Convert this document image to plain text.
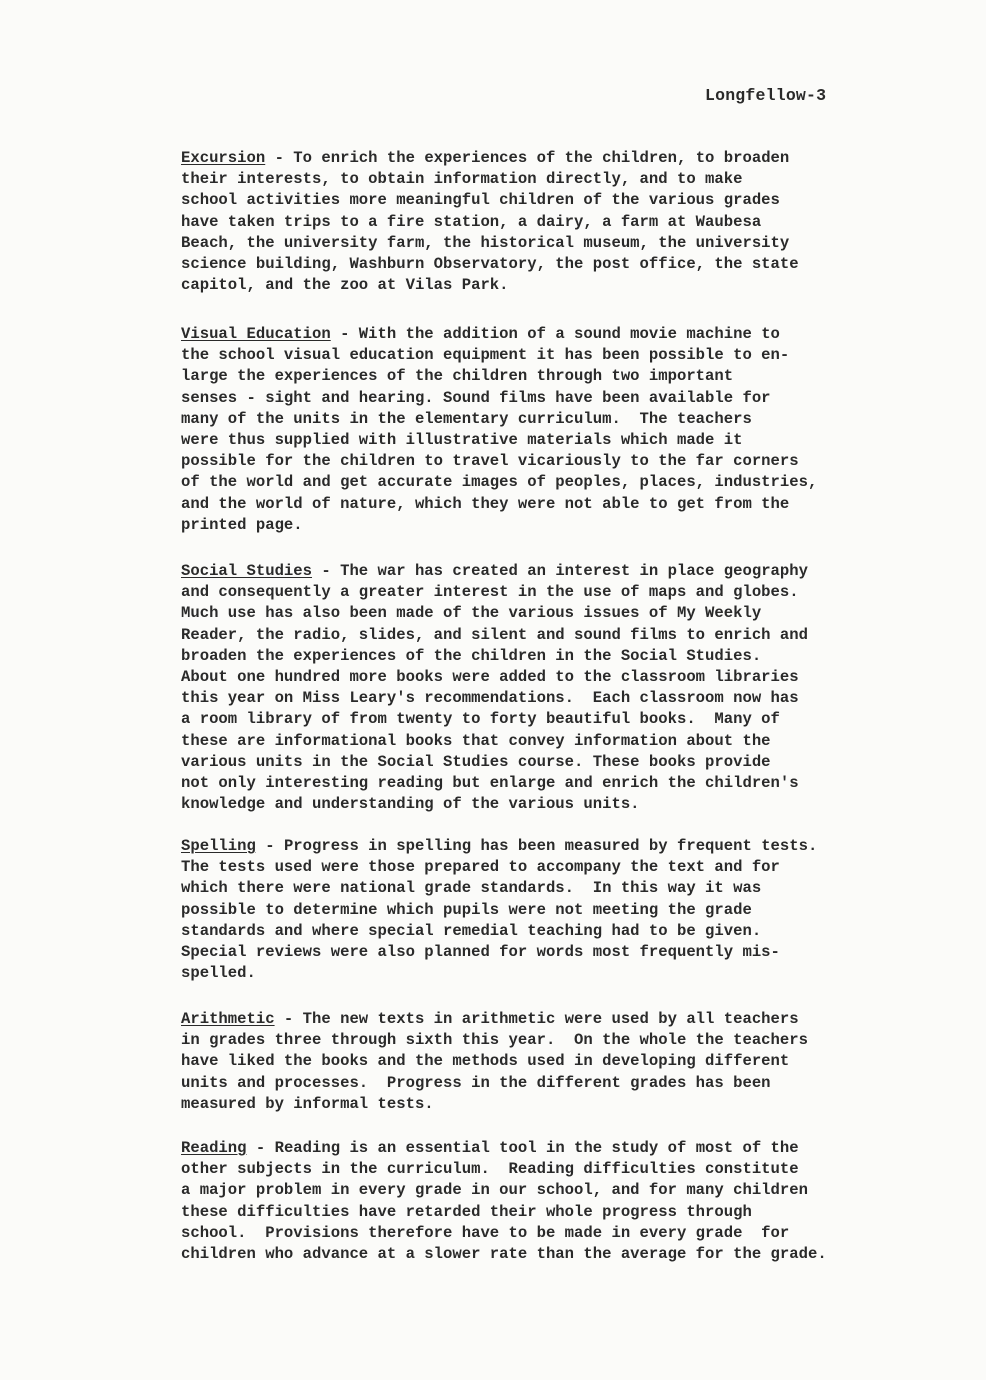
Longfellow-3
Excursion - To enrich the experiences of the children, to broaden
their interests, to obtain information directly, and to make
school activities more meaningful children of the various grades
have taken trips to a fire station, a dairy, a farm at Waubesa
Beach, the university farm, the historical museum, the university
science building, Washburn Observatory, the post office, the state
capitol, and the zoo at Vilas Park.
Visual Education - With the addition of a sound movie machine to
the school visual education equipment it has been possible to en-
large the experiences of the children through two important
senses - sight and hearing. Sound films have been available for
many of the units in the elementary curriculum.  The teachers
were thus supplied with illustrative materials which made it
possible for the children to travel vicariously to the far corners
of the world and get accurate images of peoples, places, industries,
and the world of nature, which they were not able to get from the
printed page.
Social Studies - The war has created an interest in place geography
and consequently a greater interest in the use of maps and globes.
Much use has also been made of the various issues of My Weekly
Reader, the radio, slides, and silent and sound films to enrich and
broaden the experiences of the children in the Social Studies.
About one hundred more books were added to the classroom libraries
this year on Miss Leary's recommendations.  Each classroom now has
a room library of from twenty to forty beautiful books.  Many of
these are informational books that convey information about the
various units in the Social Studies course. These books provide
not only interesting reading but enlarge and enrich the children's
knowledge and understanding of the various units.
Spelling - Progress in spelling has been measured by frequent tests.
The tests used were those prepared to accompany the text and for
which there were national grade standards.  In this way it was
possible to determine which pupils were not meeting the grade
standards and where special remedial teaching had to be given.
Special reviews were also planned for words most frequently mis-
spelled.
Arithmetic - The new texts in arithmetic were used by all teachers
in grades three through sixth this year.  On the whole the teachers
have liked the books and the methods used in developing different
units and processes.  Progress in the different grades has been
measured by informal tests.
Reading - Reading is an essential tool in the study of most of the
other subjects in the curriculum.  Reading difficulties constitute
a major problem in every grade in our school, and for many children
these difficulties have retarded their whole progress through
school.  Provisions therefore have to be made in every grade  for
children who advance at a slower rate than the average for the grade.
